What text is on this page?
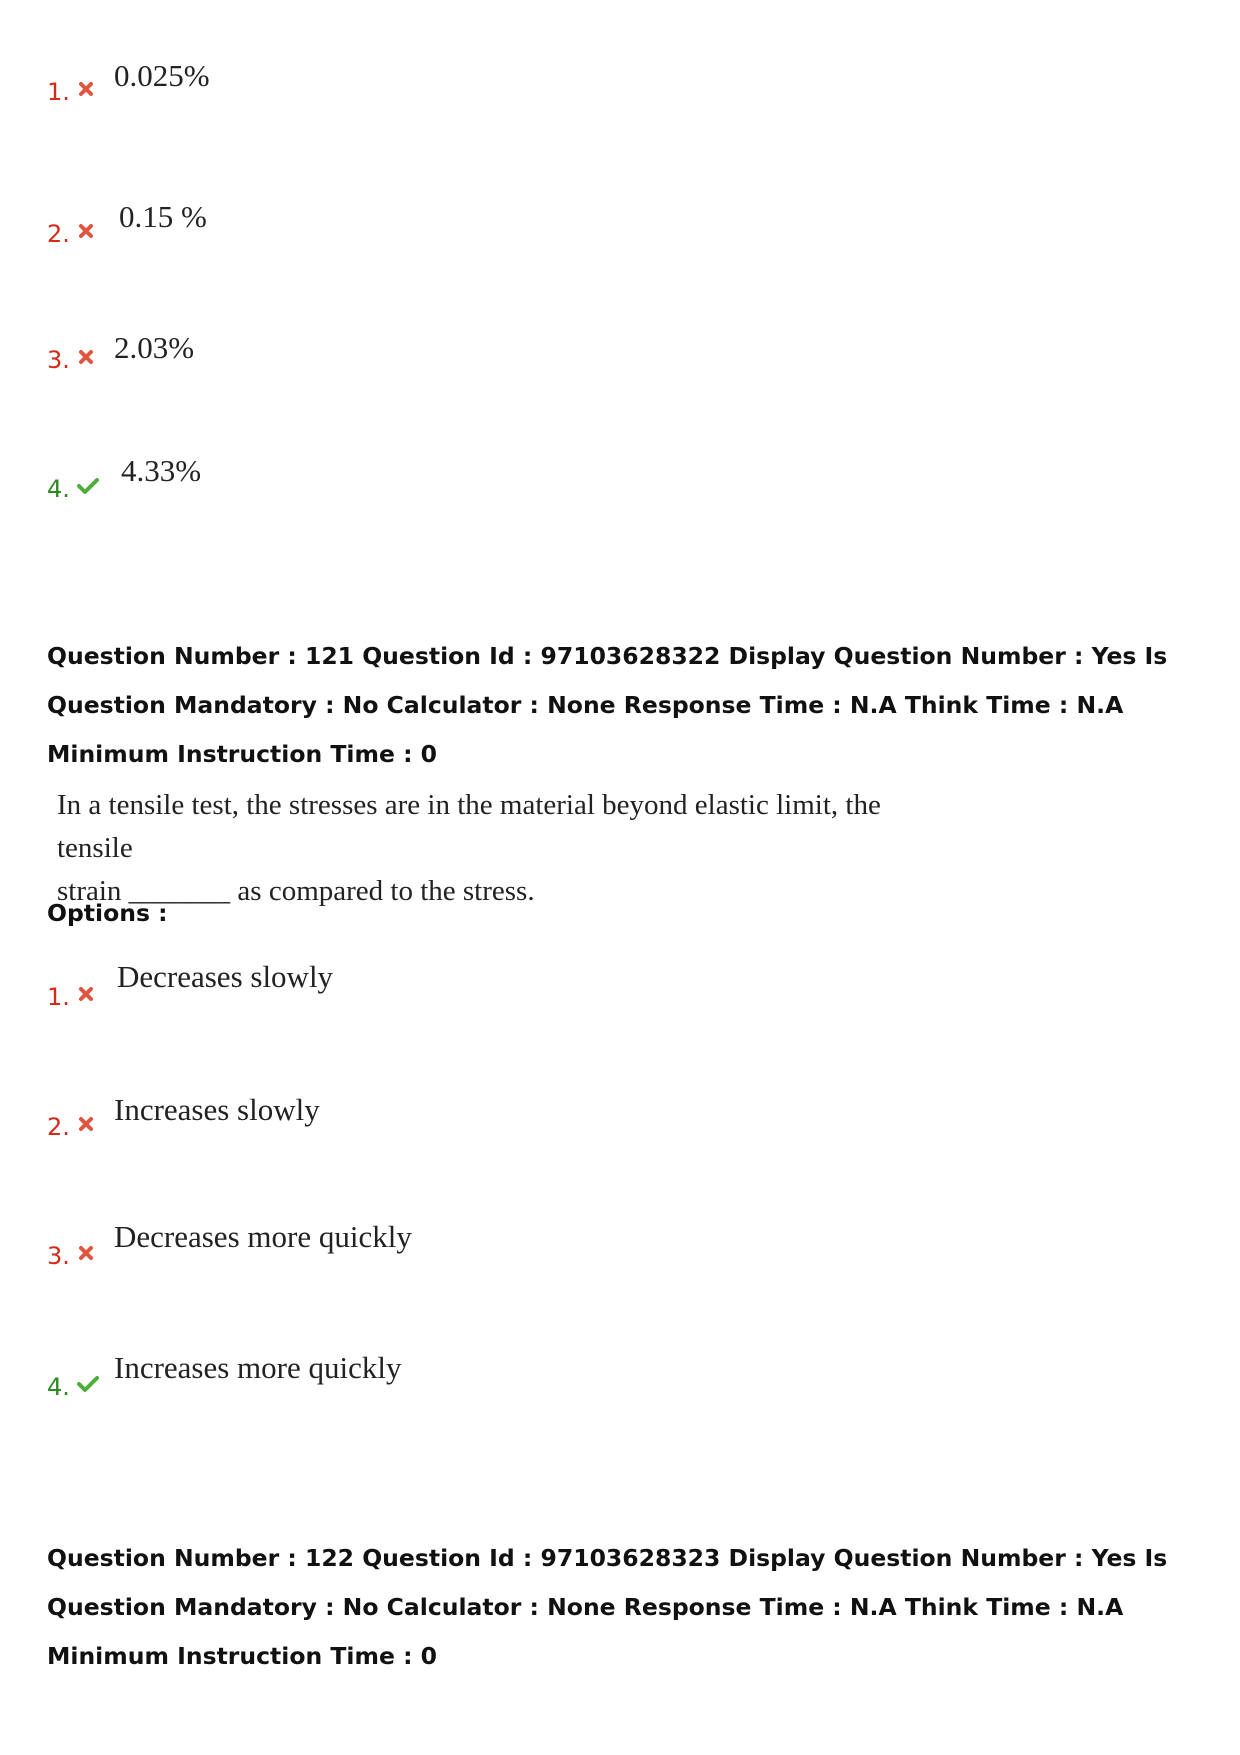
1. 0.025%
2. 0.15 %
3. 2.03%
4.
4.33%
Question Number : 121 Question Id : 97103628322 Display Question Number : Yes Is Question Mandatory : No Calculator : None Response Time : N.A Think Time : N.A Minimum Instruction Time : 0
In a tensile test, the stresses are in the material beyond elastic limit, the tensile
strain _______ as compared to the stress.
Options :
1.
Decreases slowly
2. Increases slowly
3.
Decreases more quickly
4.
Increases more quickly
Question Number : 122 Question Id : 97103628323 Display Question Number : Yes Is Question Mandatory : No Calculator : None Response Time : N.A Think Time : N.A Minimum Instruction Time : 0
